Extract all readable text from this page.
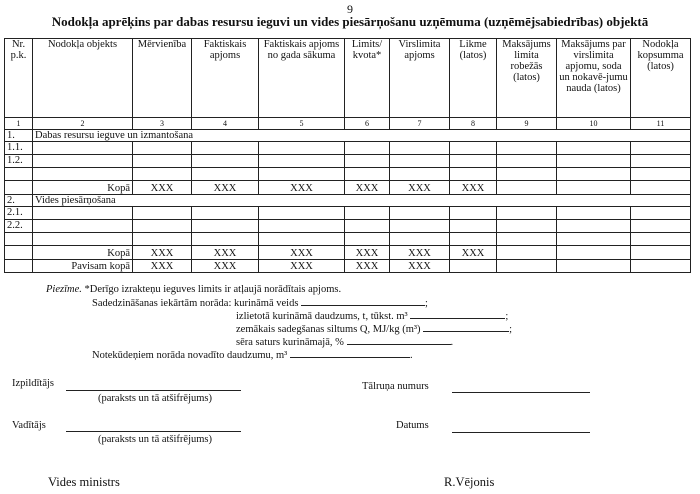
9
Nodokļa aprēķins par dabas resursu ieguvi un vides piesārņošanu uzņēmuma (uzņēmējsabiedrības) objektā
Nr. p.k.	Nodokļa objekts	Mērvienība	Faktiskais apjoms	Faktiskais apjoms no gada sākuma	Limits/ kvota*	Virslimita apjoms	Likme (latos)	Maksājums limita robežās (latos)	Maksājums par virslimita apjomu, soda un nokavē-jumu nauda (latos)	Nodokļa kopsumma (latos)
1	2	3	4	5	6	7	8	9	10	11
1.	Dabas resursu ieguve un izmantošana									
1.1.										
1.2.										

	Kopā	XXX	XXX	XXX	XXX	XXX	XXX			
2.	Vides piesārņošana									
2.1.										
2.2.										

	Kopā	XXX	XXX	XXX	XXX	XXX	XXX			
	Pavisam kopā	XXX	XXX	XXX	XXX	XXX				
Piezīme. *Derīgo izrakteņu ieguves limits ir atļaujā norādītais apjoms.
Sadedzināšanas iekārtām norāda: kurināmā veids	;
izlietotā kurināmā daudzums, t, tūkst. m³	;
zemākais sadegšanas siltums Q, MJ/kg (m³)	;
sēra saturs kurināmajā, %	.
Notekūdeņiem norāda novadīto daudzumu, m³	.
Izpildītājs
(paraksts un tā atšifrējums)
Tālruņa numurs
Vadītājs
(paraksts un tā atšifrējums)
Datums
Vides ministrs	R.Vējonis
